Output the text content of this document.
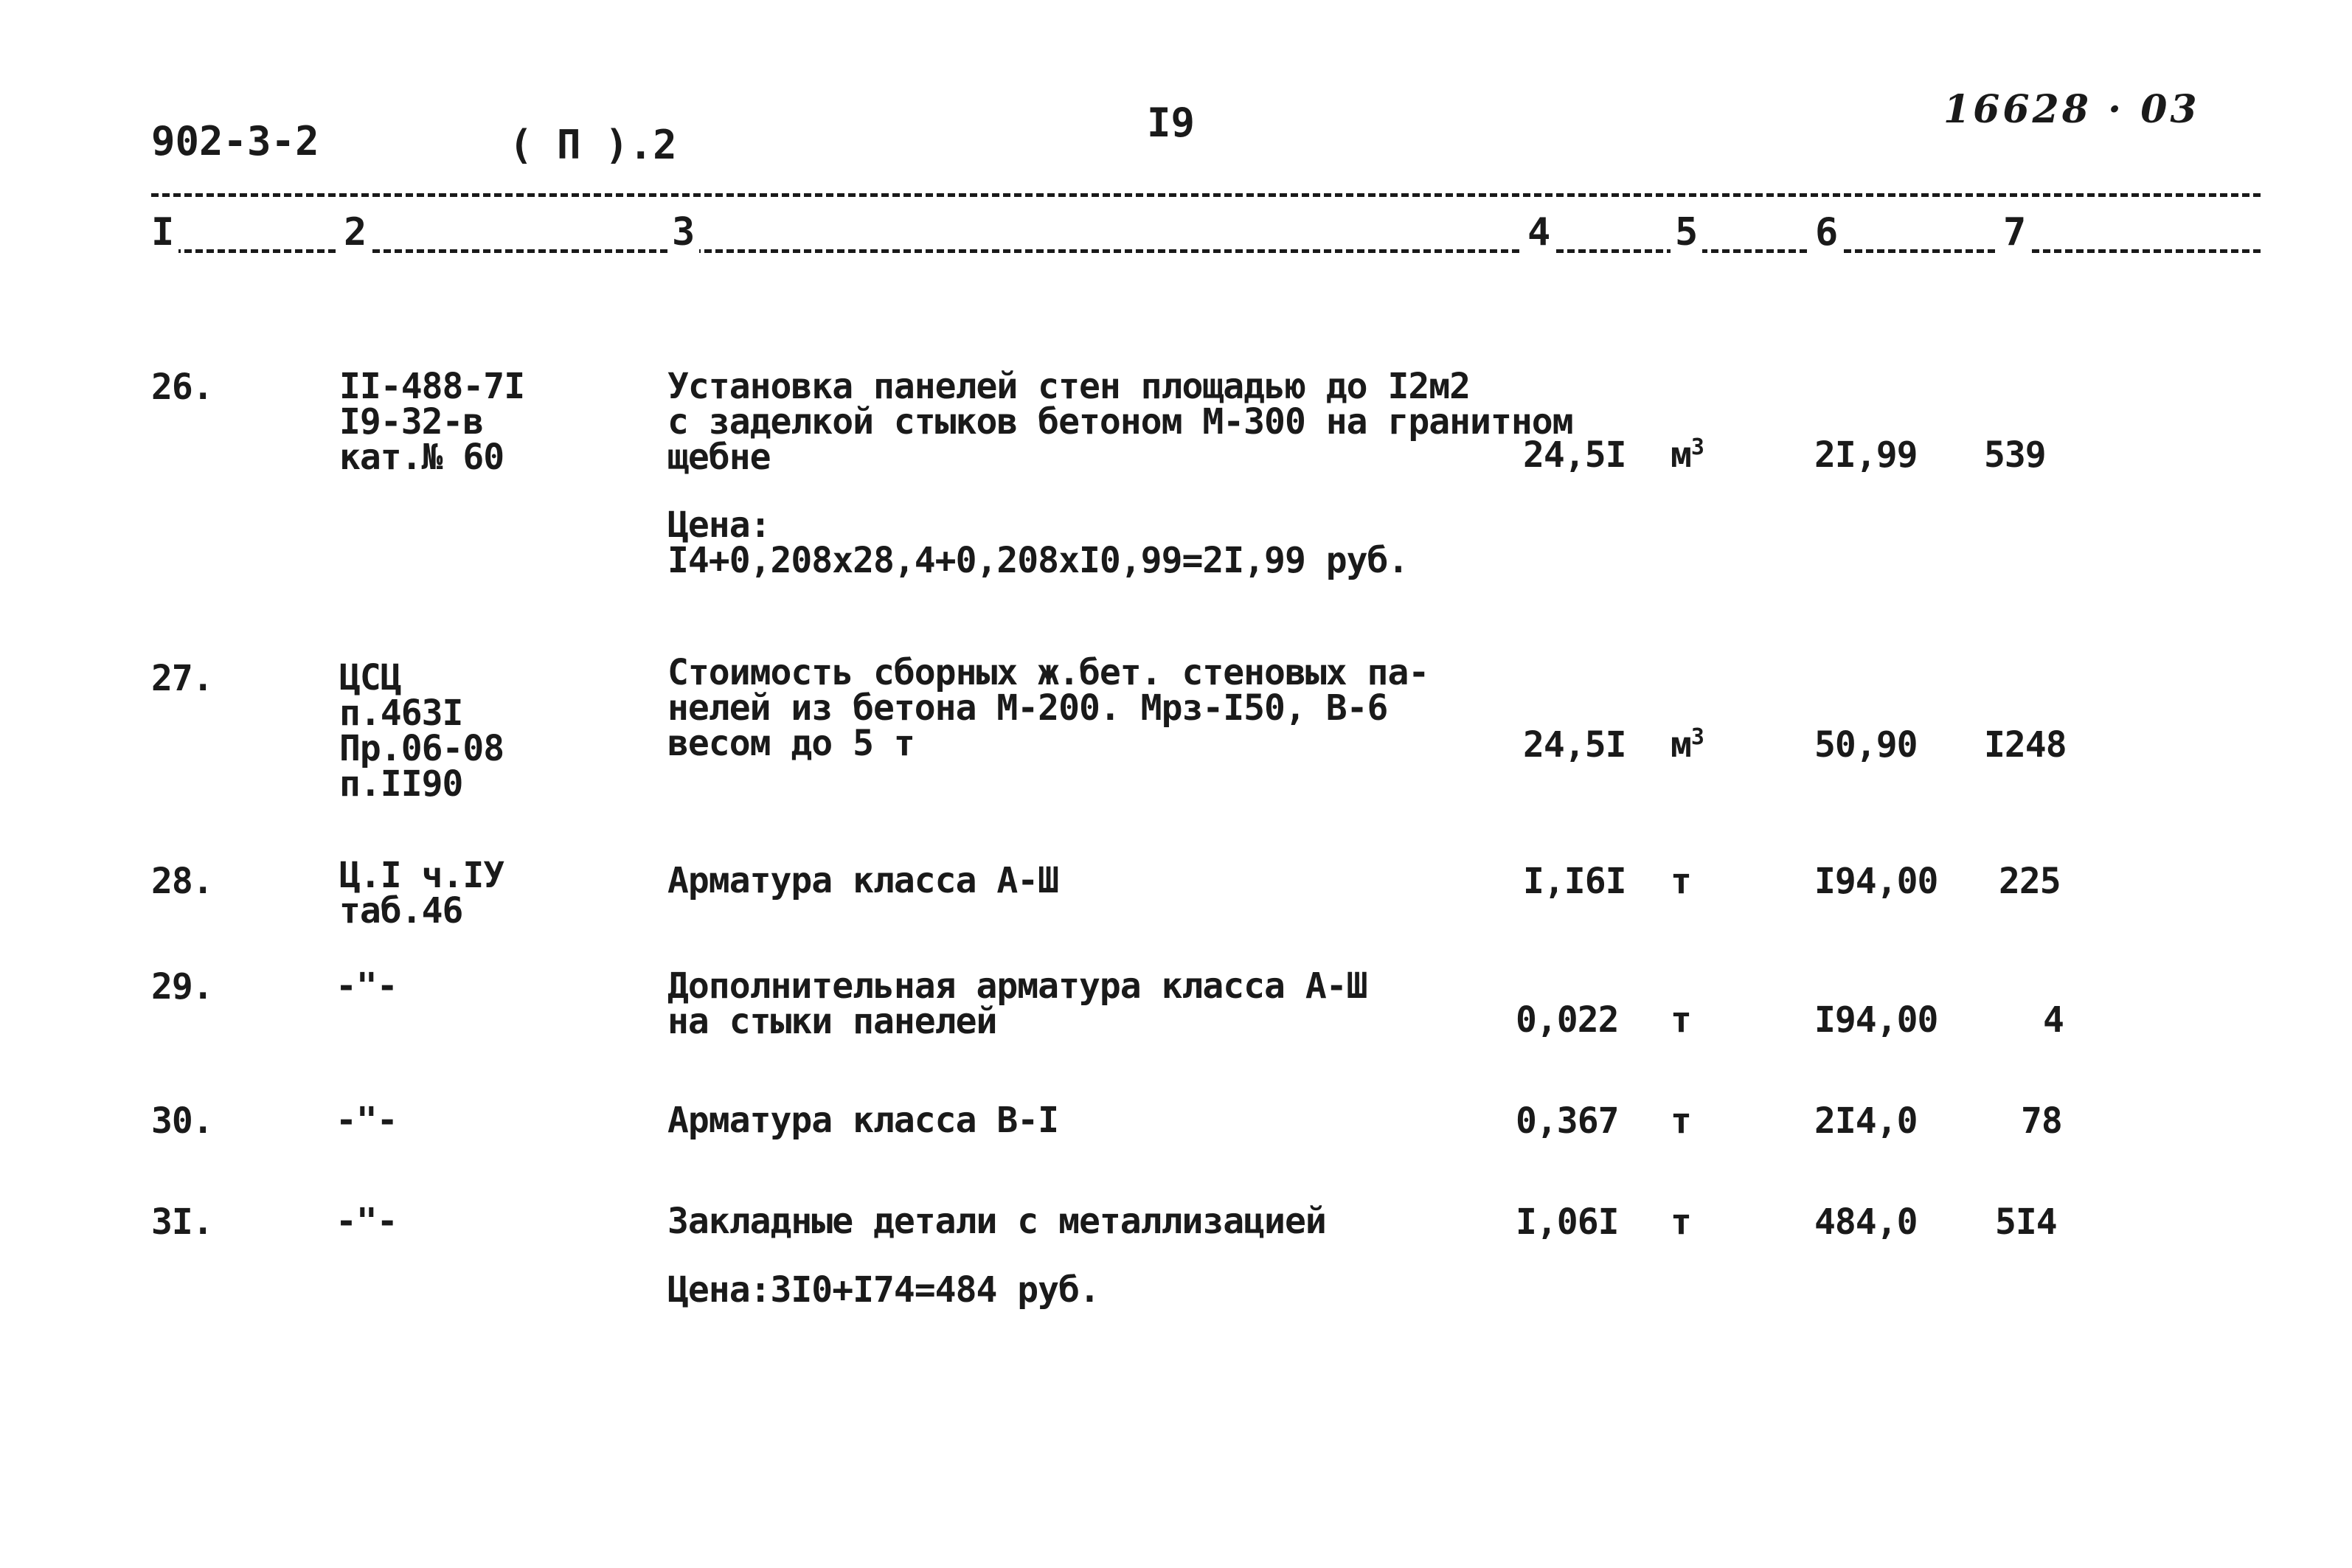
902-3-2	( П ).2	I9	16628 · 03
I	2	3	4	5	6	7
26.	II-488-7I
I9-32-в
кат.№ 60
Установка панелей стен площадью до I2м2
с заделкой стыков бетоном М-300 на гранитном
щебне	24,5I $м^3$	2I,99 539
Цена:
I4+0,208х28,4+0,208хI0,99=2I,99 руб.
27.	ЦСЦ
п.463I
Пр.06-08
п.II90
Стоимость сборных ж.бет. стеновых па-
нелей из бетона М-200. Мрз-I50, В-6
весом до 5 т	24,5I $м^3$	50,90 I248
28.	Ц.I ч.IУ
таб.46
Арматура класса А-Ш	I,I6I т	I94,00 225
29.	-"-	Дополнительная арматура класса А-Ш
на стыки панелей	0,022 т	I94,00	4
30.	-"-	Арматура класса В-I	0,367 т	2I4,0	78
3I.	-"-	Закладные детали с металлизацией	I,06I т	484,0 5I4
Цена:3I0+I74=484 руб.
